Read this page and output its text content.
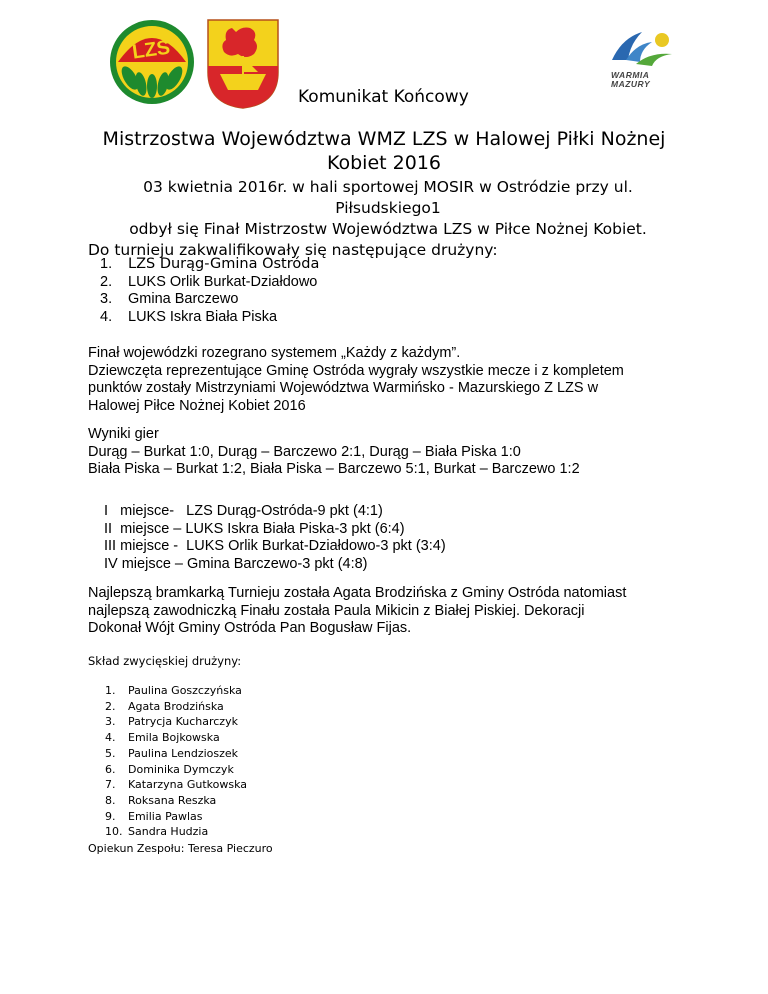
LZS
WARMIA
MAZURY
Komunikat Końcowy
Mistrzostwa Województwa WMZ LZS w Halowej Piłki Nożnej Kobiet 2016
03 kwietnia 2016r. w hali sportowej MOSIR w Ostródzie przy ul. Piłsudskiego1
odbył się Finał Mistrzostw Województwa LZS w Piłce Nożnej Kobiet.
Do turnieju zakwalifikowały się następujące drużyny:
1.	LZS Durąg-Gmina Ostróda
2.	LUKS Orlik Burkat-Działdowo
3.	Gmina Barczewo
4.	LUKS Iskra Biała Piska
Finał wojewódzki rozegrano systemem „Każdy z każdym”.
Dziewczęta reprezentujące Gminę Ostróda wygrały wszystkie mecze i z kompletem
punktów zostały Mistrzyniami Województwa Warmińsko - Mazurskiego Z LZS w
Halowej Piłce Nożnej Kobiet 2016
Wyniki gier
Durąg – Burkat 1:0, Durąg – Barczewo 2:1, Durąg – Biała Piska 1:0
Biała Piska – Burkat 1:2, Biała Piska – Barczewo 5:1, Burkat – Barczewo 1:2
I   miejsce-   LZS Durąg-Ostróda-9 pkt (4:1)
II  miejsce – LUKS Iskra Biała Piska-3 pkt (6:4)
III miejsce -  LUKS Orlik Burkat-Działdowo-3 pkt (3:4)
IV miejsce – Gmina Barczewo-3 pkt (4:8)
Najlepszą bramkarką Turnieju została Agata Brodzińska z Gminy Ostróda natomiast
najlepszą zawodniczką Finału została Paula Mikicin z Białej Piskiej. Dekoracji
Dokonał Wójt Gminy Ostróda Pan Bogusław Fijas.
Skład zwycięskiej drużyny:
1.	Paulina Goszczyńska
2.	Agata Brodzińska
3.	Patrycja Kucharczyk
4.	Emila Bojkowska
5.	Paulina Lendzioszek
6.	Dominika Dymczyk
7.	Katarzyna Gutkowska
8.	Roksana Reszka
9.	Emilia Pawlas
10. Sandra Hudzia
Opiekun Zespołu: Teresa Pieczuro
